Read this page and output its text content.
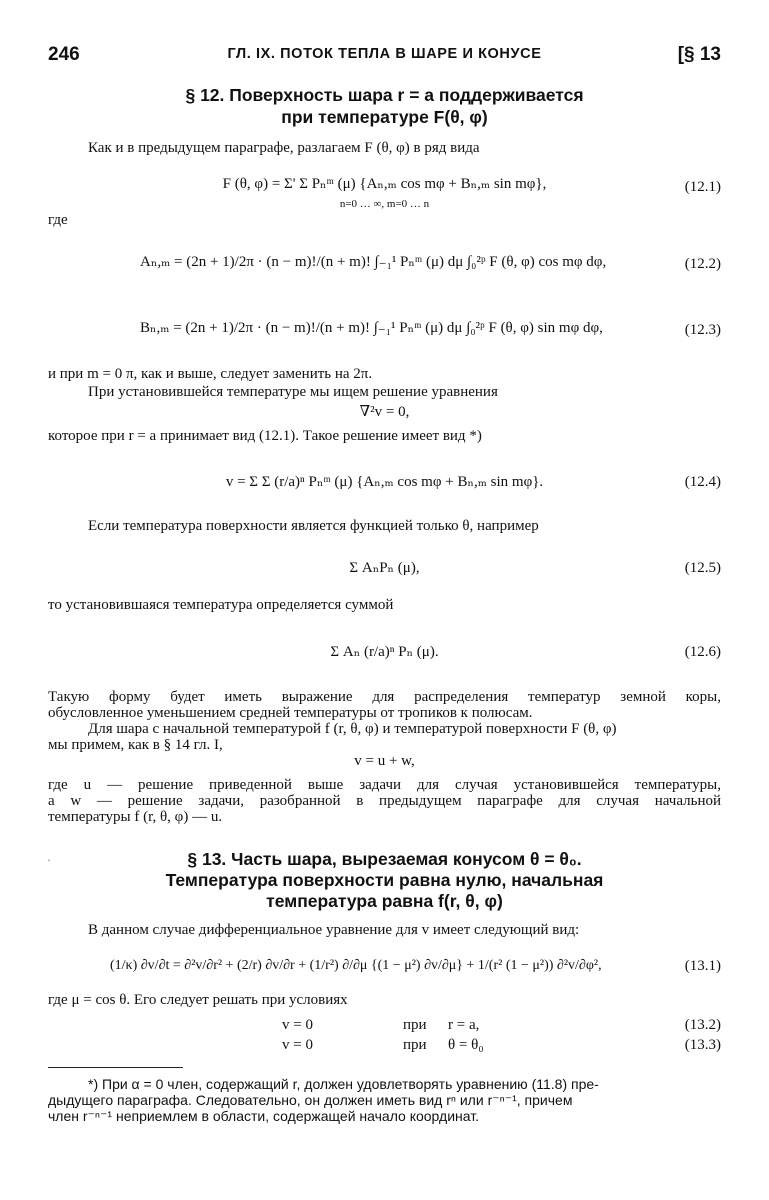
246	ГЛ. IX. ПОТОК ТЕПЛА В ШАРЕ И КОНУСЕ	[§ 13
§ 12. Поверхность шара r = a поддерживается
при температуре F(θ, φ)
Как и в предыдущем параграфе, разлагаем F (θ, φ) в ряд вида
F (θ, φ) = Σ' Σ Pₙᵐ (μ) {Aₙ,ₘ cos mφ + Bₙ,ₘ sin mφ},
n=0 … ∞, m=0 … n
(12.1)
где
Aₙ,ₘ = (2n + 1)/2π · (n − m)!/(n + m)! ∫₋₁¹ Pₙᵐ (μ) dμ ∫₀²ᵖ F (θ, φ) cos mφ dφ,	(12.2)
Bₙ,ₘ = (2n + 1)/2π · (n − m)!/(n + m)! ∫₋₁¹ Pₙᵐ (μ) dμ ∫₀²ᵖ F (θ, φ) sin mφ dφ,	(12.3)
и при m = 0 π, как и выше, следует заменить на 2π.
При установившейся температуре мы ищем решение уравнения
∇²v = 0,
которое при r = a принимает вид (12.1). Такое решение имеет вид *)
v = Σ Σ (r/a)ⁿ Pₙᵐ (μ) {Aₙ,ₘ cos mφ + Bₙ,ₘ sin mφ}.	(12.4)
Если температура поверхности является функцией только θ, например
Σ AₙPₙ (μ),	(12.5)
то установившаяся температура определяется суммой
Σ Aₙ (r/a)ⁿ Pₙ (μ).	(12.6)
Такую форму будет иметь выражение для распределения температур земной коры,
обусловленное уменьшением средней температуры от тропиков к полюсам.
Для шара с начальной температурой f (r, θ, φ) и температурой поверхности F (θ, φ)
мы примем, как в § 14 гл. I,
v = u + w,
где u — решение приведенной выше задачи для случая установившейся температуры,
а w — решение задачи, разобранной в предыдущем параграфе для случая начальной
температуры f (r, θ, φ) — u.
·	§ 13. Часть шара, вырезаемая конусом θ = θ₀.
Температура поверхности равна нулю, начальная
температура равна f(r, θ, φ)
В данном случае дифференциальное уравнение для v имеет следующий вид:
(1/κ) ∂v/∂t = ∂²v/∂r² + (2/r) ∂v/∂r + (1/r²) ∂/∂μ {(1 − μ²) ∂v/∂μ} + 1/(r² (1 − μ²)) ∂²v/∂φ²,	(13.1)
где μ = cos θ. Его следует решать при условиях
v = 0	при r = a,	(13.2)
v = 0	при θ = θ₀	(13.3)
*) При α = 0 член, содержащий r, должен удовлетворять уравнению (11.8) пре-
дыдущего параграфа. Следовательно, он должен иметь вид rⁿ или r⁻ⁿ⁻¹, причем
член r⁻ⁿ⁻¹ неприемлем в области, содержащей начало координат.
